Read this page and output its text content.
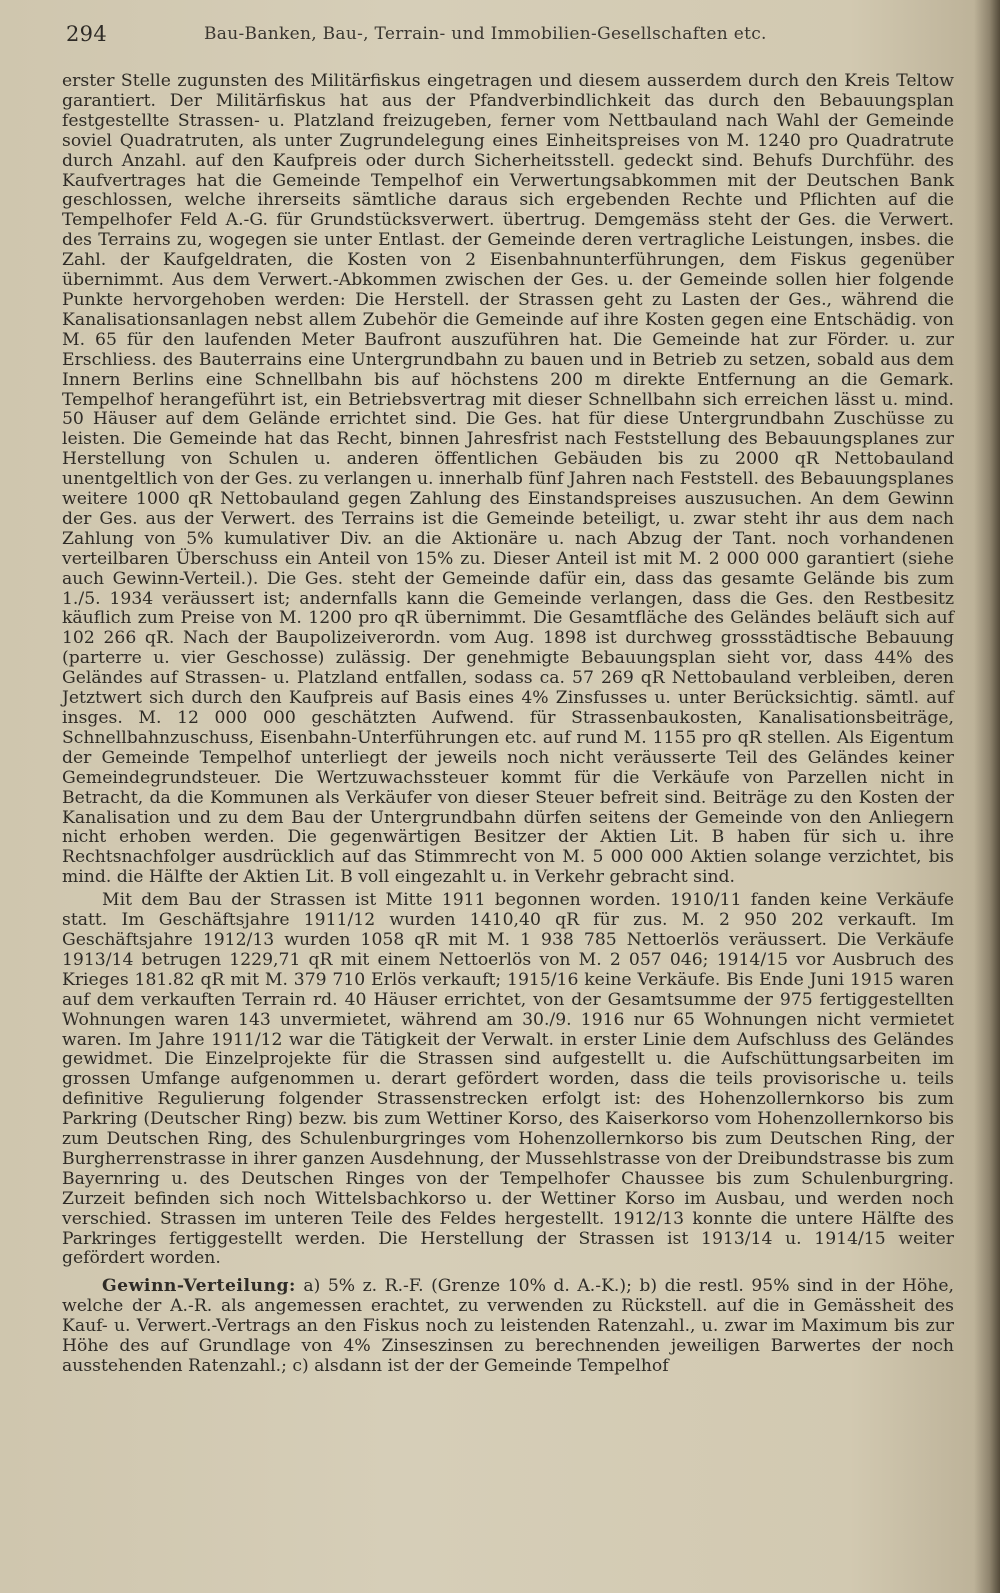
294	Bau-Banken, Bau-, Terrain- und Immobilien-Gesellschaften etc.

erster Stelle zugunsten des Militärfiskus eingetragen und diesem ausserdem durch den Kreis Teltow garantiert. Der Militärfiskus hat aus der Pfandverbindlichkeit das durch den Bebauungsplan festgestellte Strassen- u. Platzland freizugeben, ferner vom Nettbauland nach Wahl der Gemeinde soviel Quadratruten, als unter Zugrundelegung eines Einheitspreises von M. 1240 pro Quadratrute durch Anzahl. auf den Kaufpreis oder durch Sicherheitsstell. gedeckt sind. Behufs Durchführ. des Kaufvertrages hat die Gemeinde Tempelhof ein Verwertungsabkommen mit der Deutschen Bank geschlossen, welche ihrerseits sämtliche daraus sich ergebenden Rechte und Pflichten auf die Tempelhofer Feld A.-G. für Grundstücksverwert. übertrug. Demgemäss steht der Ges. die Verwert. des Terrains zu, wogegen sie unter Entlast. der Gemeinde deren vertragliche Leistungen, insbes. die Zahl. der Kaufgeldraten, die Kosten von 2 Eisenbahnunterführungen, dem Fiskus gegenüber übernimmt. Aus dem Verwert.-Abkommen zwischen der Ges. u. der Gemeinde sollen hier folgende Punkte hervorgehoben werden: Die Herstell. der Strassen geht zu Lasten der Ges., während die Kanalisationsanlagen nebst allem Zubehör die Gemeinde auf ihre Kosten gegen eine Entschädig. von M. 65 für den laufenden Meter Baufront auszuführen hat. Die Gemeinde hat zur Förder. u. zur Erschliess. des Bauterrains eine Untergrundbahn zu bauen und in Betrieb zu setzen, sobald aus dem Innern Berlins eine Schnellbahn bis auf höchstens 200 m direkte Entfernung an die Gemark. Tempelhof herangeführt ist, ein Betriebsvertrag mit dieser Schnellbahn sich erreichen lässt u. mind. 50 Häuser auf dem Gelände errichtet sind. Die Ges. hat für diese Untergrundbahn Zuschüsse zu leisten. Die Gemeinde hat das Recht, binnen Jahresfrist nach Feststellung des Bebauungsplanes zur Herstellung von Schulen u. anderen öffentlichen Gebäuden bis zu 2000 qR Nettobauland unentgeltlich von der Ges. zu verlangen u. innerhalb fünf Jahren nach Feststell. des Bebauungsplanes weitere 1000 qR Nettobauland gegen Zahlung des Einstandspreises auszusuchen. An dem Gewinn der Ges. aus der Verwert. des Terrains ist die Gemeinde beteiligt, u. zwar steht ihr aus dem nach Zahlung von 5% kumulativer Div. an die Aktionäre u. nach Abzug der Tant. noch vorhandenen verteilbaren Überschuss ein Anteil von 15% zu. Dieser Anteil ist mit M. 2 000 000 garantiert (siehe auch Gewinn-Verteil.). Die Ges. steht der Gemeinde dafür ein, dass das gesamte Gelände bis zum 1./5. 1934 veräussert ist; andernfalls kann die Gemeinde verlangen, dass die Ges. den Restbesitz käuflich zum Preise von M. 1200 pro qR übernimmt. Die Gesamtfläche des Geländes beläuft sich auf 102 266 qR. Nach der Baupolizeiverordn. vom Aug. 1898 ist durchweg grossstädtische Bebauung (parterre u. vier Geschosse) zulässig. Der genehmigte Bebauungsplan sieht vor, dass 44% des Geländes auf Strassen- u. Platzland entfallen, sodass ca. 57 269 qR Nettobauland verbleiben, deren Jetztwert sich durch den Kaufpreis auf Basis eines 4% Zinsfusses u. unter Berücksichtig. sämtl. auf insges. M. 12 000 000 geschätzten Aufwend. für Strassenbaukosten, Kanalisationsbeiträge, Schnellbahnzuschuss, Eisenbahn-Unterführungen etc. auf rund M. 1155 pro qR stellen. Als Eigentum der Gemeinde Tempelhof unterliegt der jeweils noch nicht veräusserte Teil des Geländes keiner Gemeindegrundsteuer. Die Wertzuwachssteuer kommt für die Verkäufe von Parzellen nicht in Betracht, da die Kommunen als Verkäufer von dieser Steuer befreit sind. Beiträge zu den Kosten der Kanalisation und zu dem Bau der Untergrundbahn dürfen seitens der Gemeinde von den Anliegern nicht erhoben werden. Die gegenwärtigen Besitzer der Aktien Lit. B haben für sich u. ihre Rechtsnachfolger ausdrücklich auf das Stimmrecht von M. 5 000 000 Aktien solange verzichtet, bis mind. die Hälfte der Aktien Lit. B voll eingezahlt u. in Verkehr gebracht sind.

Mit dem Bau der Strassen ist Mitte 1911 begonnen worden. 1910/11 fanden keine Verkäufe statt. Im Geschäftsjahre 1911/12 wurden 1410,40 qR für zus. M. 2 950 202 verkauft. Im Geschäftsjahre 1912/13 wurden 1058 qR mit M. 1 938 785 Nettoerlös veräussert. Die Verkäufe 1913/14 betrugen 1229,71 qR mit einem Nettoerlös von M. 2 057 046; 1914/15 vor Ausbruch des Krieges 181.82 qR mit M. 379 710 Erlös verkauft; 1915/16 keine Verkäufe. Bis Ende Juni 1915 waren auf dem verkauften Terrain rd. 40 Häuser errichtet, von der Gesamtsumme der 975 fertiggestellten Wohnungen waren 143 unvermietet, während am 30./9. 1916 nur 65 Wohnungen nicht vermietet waren. Im Jahre 1911/12 war die Tätigkeit der Verwalt. in erster Linie dem Aufschluss des Geländes gewidmet. Die Einzelprojekte für die Strassen sind aufgestellt u. die Aufschüttungsarbeiten im grossen Umfange aufgenommen u. derart gefördert worden, dass die teils provisorische u. teils definitive Regulierung folgender Strassenstrecken erfolgt ist: des Hohenzollernkorso bis zum Parkring (Deutscher Ring) bezw. bis zum Wettiner Korso, des Kaiserkorso vom Hohenzollernkorso bis zum Deutschen Ring, des Schulenburgringes vom Hohenzollernkorso bis zum Deutschen Ring, der Burgherrenstrasse in ihrer ganzen Ausdehnung, der Mussehlstrasse von der Dreibundstrasse bis zum Bayernring u. des Deutschen Ringes von der Tempelhofer Chaussee bis zum Schulenburgring. Zurzeit befinden sich noch Wittelsbachkorso u. der Wettiner Korso im Ausbau, und werden noch verschied. Strassen im unteren Teile des Feldes hergestellt. 1912/13 konnte die untere Hälfte des Parkringes fertiggestellt werden. Die Herstellung der Strassen ist 1913/14 u. 1914/15 weiter gefördert worden.

Gewinn-Verteilung: a) 5% z. R.-F. (Grenze 10% d. A.-K.); b) die restl. 95% sind in der Höhe, welche der A.-R. als angemessen erachtet, zu verwenden zu Rückstell. auf die in Gemässheit des Kauf- u. Verwert.-Vertrags an den Fiskus noch zu leistenden Ratenzahl., u. zwar im Maximum bis zur Höhe des auf Grundlage von 4% Zinseszinsen zu berechnenden jeweiligen Barwertes der noch ausstehenden Ratenzahl.; c) alsdann ist der der Gemeinde Tempelhof
